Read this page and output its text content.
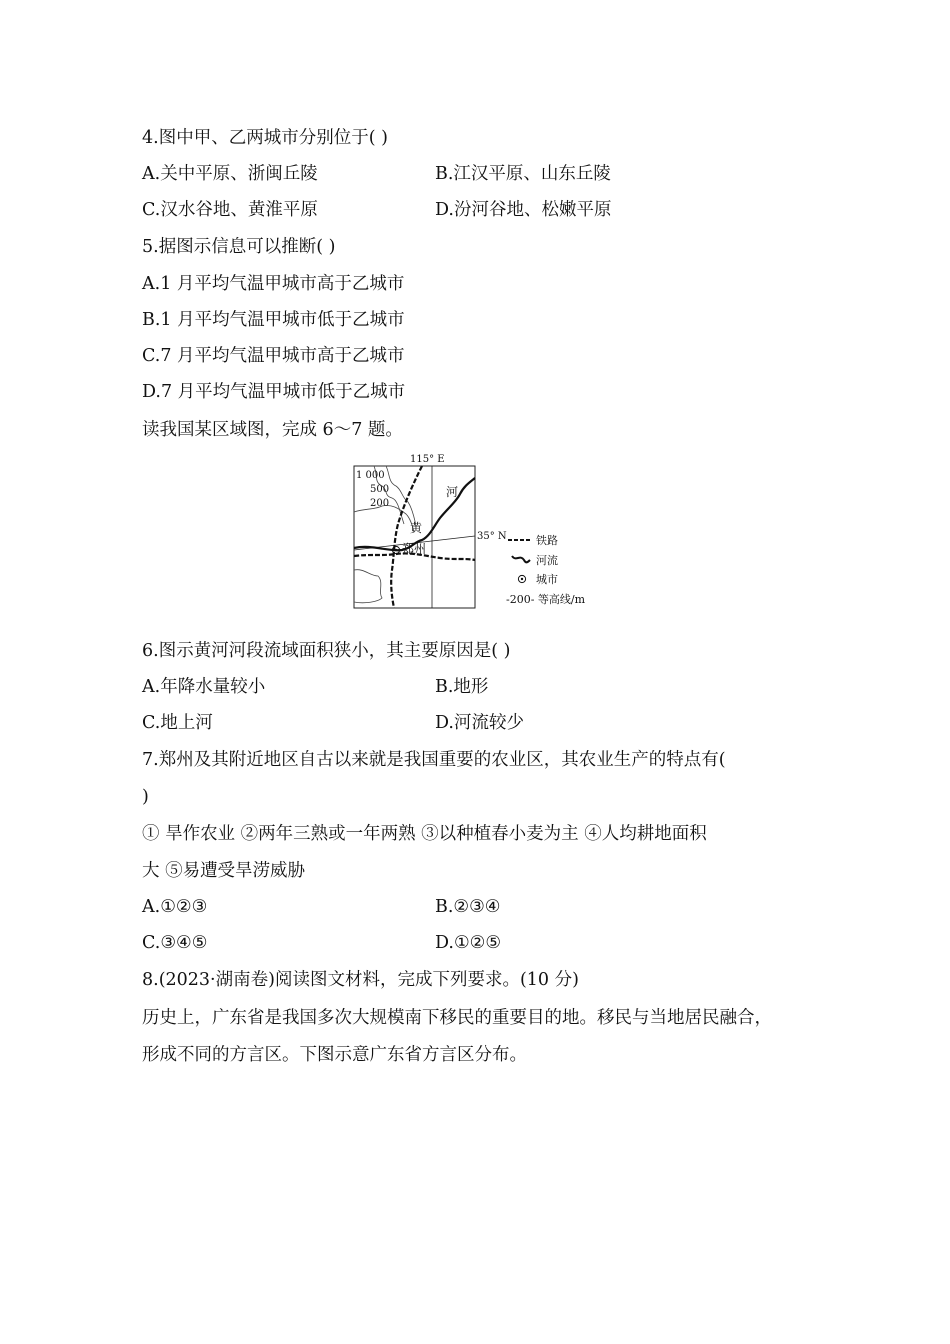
4.图中甲、乙两城市分别位于( )
A.关中平原、浙闽丘陵	B.江汉平原、山东丘陵
C.汉水谷地、黄淮平原	D.汾河谷地、松嫩平原
5.据图示信息可以推断( )
A.1 月平均气温甲城市高于乙城市
B.1 月平均气温甲城市低于乙城市
C.7 月平均气温甲城市高于乙城市
D.7 月平均气温甲城市低于乙城市
读我国某区域图，完成 6～7 题。
115° E
35° N
1 000
500
200
河
黄
郑州
铁路
河流
城市
-200- 等高线/m
6.图示黄河河段流域面积狭小，其主要原因是( )
A.年降水量较小	B.地形
C.地上河	D.河流较少
7.郑州及其附近地区自古以来就是我国重要的农业区，其农业生产的特点有(
)
① 旱作农业 ②两年三熟或一年两熟 ③以种植春小麦为主 ④人均耕地面积
大 ⑤易遭受旱涝威胁
A.①②③	B.②③④
C.③④⑤	D.①②⑤
8.(2023·湖南卷)阅读图文材料，完成下列要求。(10 分)
历史上，广东省是我国多次大规模南下移民的重要目的地。移民与当地居民融合，
形成不同的方言区。下图示意广东省方言区分布。
